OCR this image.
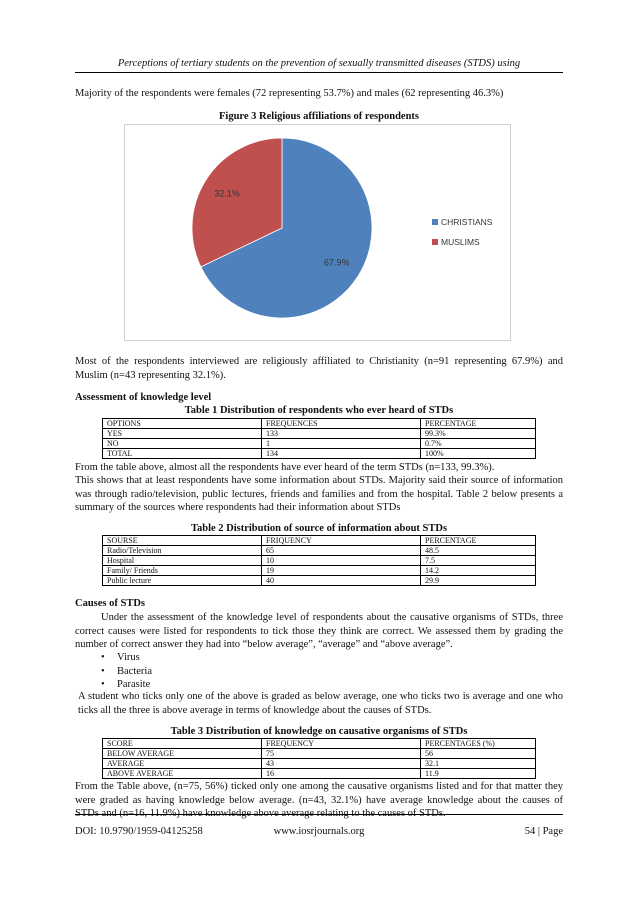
Perceptions of tertiary students on the prevention of sexually transmitted diseases (STDS) using

Majority of the respondents were females (72 representing 53.7%) and males (62 representing 46.3%)

Figure 3 Religious affiliations of respondents
67.9%
32.1%
CHRISTIANS
MUSLIMS

Most of the respondents interviewed are religiously affiliated to Christianity (n=91 representing 67.9%) and Muslim (n=43 representing 32.1%).

Assessment of knowledge level
Table 1 Distribution of respondents who ever heard of STDs
OPTIONS	FREQUENCES	PERCENTAGE
YES	133	99.3%
NO	1	0.7%
TOTAL	134	100%

From the table above, almost all the respondents have ever heard of the term STDs (n=133, 99.3%).

This shows that at least respondents have some information about STDs. Majority said their source of information was through radio/television, public lectures, friends and families and from the hospital. Table 2 below presents a summary of the sources where respondents had their information about STDs

Table 2 Distribution of source of information about STDs
SOURSE	FRIQUENCY	PERCENTAGE
Radio/Television	65	48.5
Hospital	10	7.5
Family/ Friends	19	14.2
Public lecture	40	29.9
Causes of STDs

Under the assessment of the knowledge level of respondents about the causative organisms of STDs, three correct causes were listed for respondents to tick those they think are correct. We assessed them by grading the number of correct answer they had into “below average”, “average” and “above average”.

• Virus
• Bacteria
• Parasite

A student who ticks only one of the above is graded as below average, one who ticks two is average and one who ticks all the three is above average in terms of knowledge about the causes of STDs.

Table 3 Distribution of knowledge on causative organisms of STDs
SCORE	FREQUENCY	PERCENTAGES (%)
BELOW AVERAGE	75	56
AVERAGE	43	32.1
ABOVE AVERAGE	16	11.9

From the Table above, (n=75, 56%) ticked only one among the causative organisms listed and for that matter they were graded as having knowledge below average. (n=43, 32.1%) have average knowledge about the causes of STDs and (n=16, 11.9%) have knowledge above average relating to the causes of STDs.

DOI: 10.9790/1959-04125258	www.iosrjournals.org	54 | Page
